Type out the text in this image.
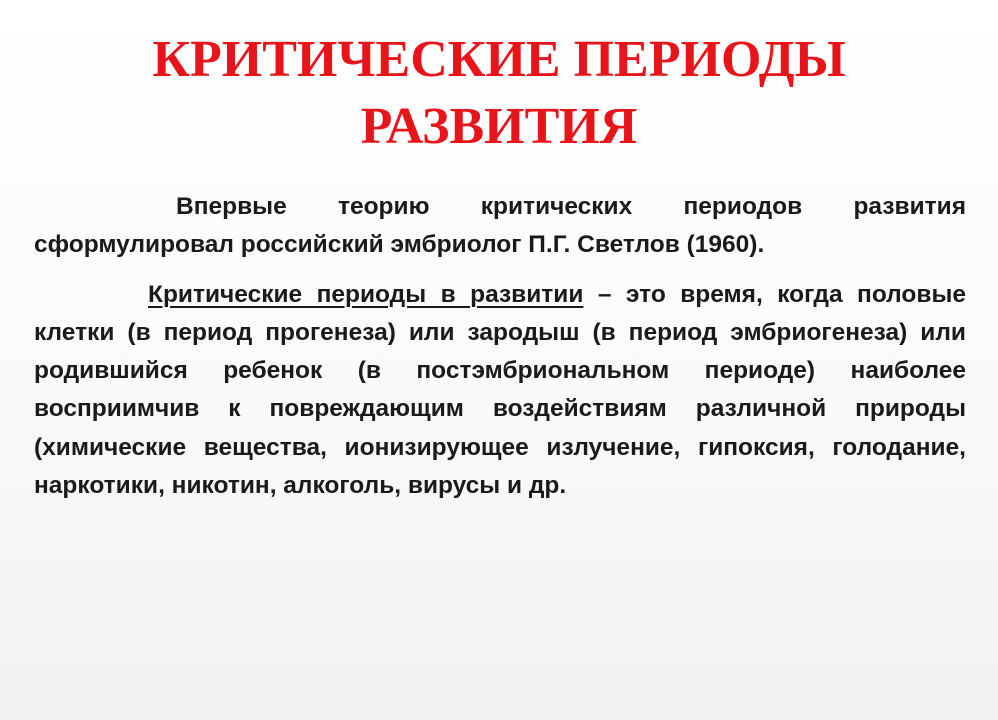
КРИТИЧЕСКИЕ ПЕРИОДЫ
РАЗВИТИЯ

Впервые теорию критических периодов развития сформулировал российский эмбриолог П.Г. Светлов (1960).

Критические периоды в развитии – это время, когда половые клетки (в период прогенеза) или зародыш (в период эмбриогенеза) или родившийся ребенок (в постэмбриональном периоде) наиболее восприимчив к повреждающим воздействиям различной природы (химические вещества, ионизирующее излучение, гипоксия, голодание, наркотики, никотин, алкоголь, вирусы и др.
